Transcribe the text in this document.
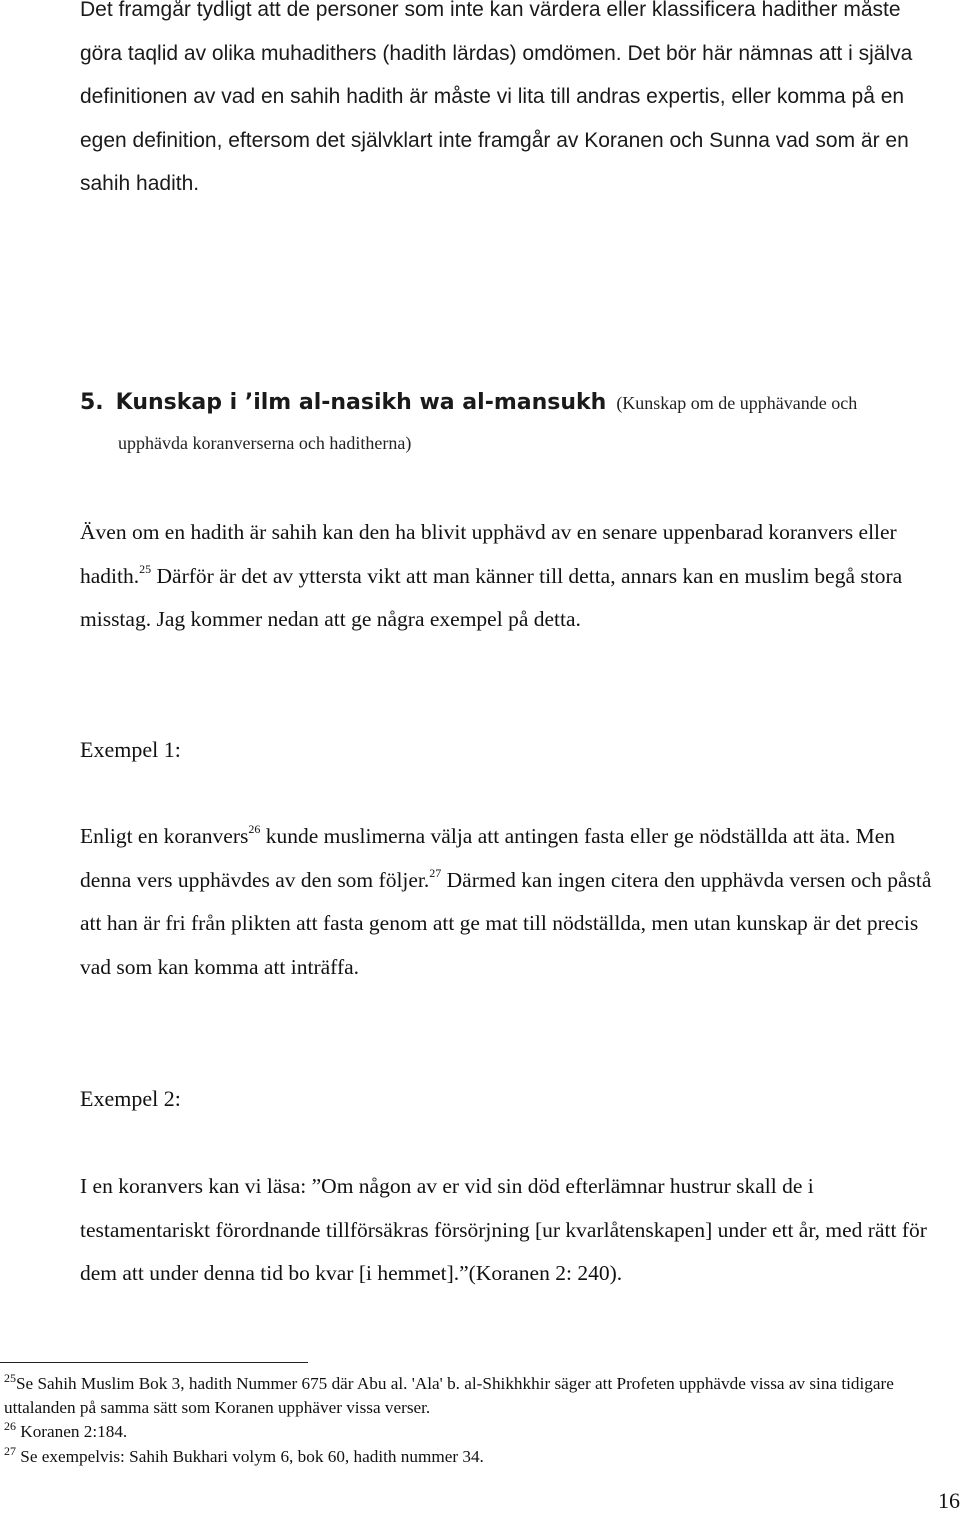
Det framgår tydligt att de personer som inte kan värdera eller klassificera hadither måste göra taqlid av olika muhadithers (hadith lärdas) omdömen. Det bör här nämnas att i själva definitionen av vad en sahih hadith är måste vi lita till andras expertis, eller komma på en egen definition, eftersom det självklart inte framgår av Koranen och Sunna vad som är en sahih hadith.

5. Kunskap i ’ilm al-nasikh wa al-mansukh (Kunskap om de upphävande och
upphävda koranverserna och haditherna)

Även om en hadith är sahih kan den ha blivit upphävd av en senare uppenbarad koranvers eller hadith.$^{25}$ Därför är det av yttersta vikt att man känner till detta, annars kan en muslim begå stora misstag. Jag kommer nedan att ge några exempel på detta.

Exempel 1:

Enligt en koranvers$^{26}$ kunde muslimerna välja att antingen fasta eller ge nödställda att äta. Men denna vers upphävdes av den som följer.$^{27}$ Därmed kan ingen citera den upphävda versen och påstå att han är fri från plikten att fasta genom att ge mat till nödställda, men utan kunskap är det precis vad som kan komma att inträffa.

Exempel 2:

I en koranvers kan vi läsa: ”Om någon av er vid sin död efterlämnar hustrur skall de i testamentariskt förordnande tillförsäkras försörjning [ur kvarlåtenskapen] under ett år, med rätt för dem att under denna tid bo kvar [i hemmet].”(Koranen 2: 240).

$^{25}$Se Sahih Muslim Bok 3, hadith Nummer 675 där Abu al. 'Ala' b. al-Shikhkhir säger att Profeten upphävde vissa av sina tidigare uttalanden på samma sätt som Koranen upphäver vissa verser.
$^{26}$ Koranen 2:184.
$^{27}$ Se exempelvis: Sahih Bukhari volym 6, bok 60, hadith nummer 34.
16
